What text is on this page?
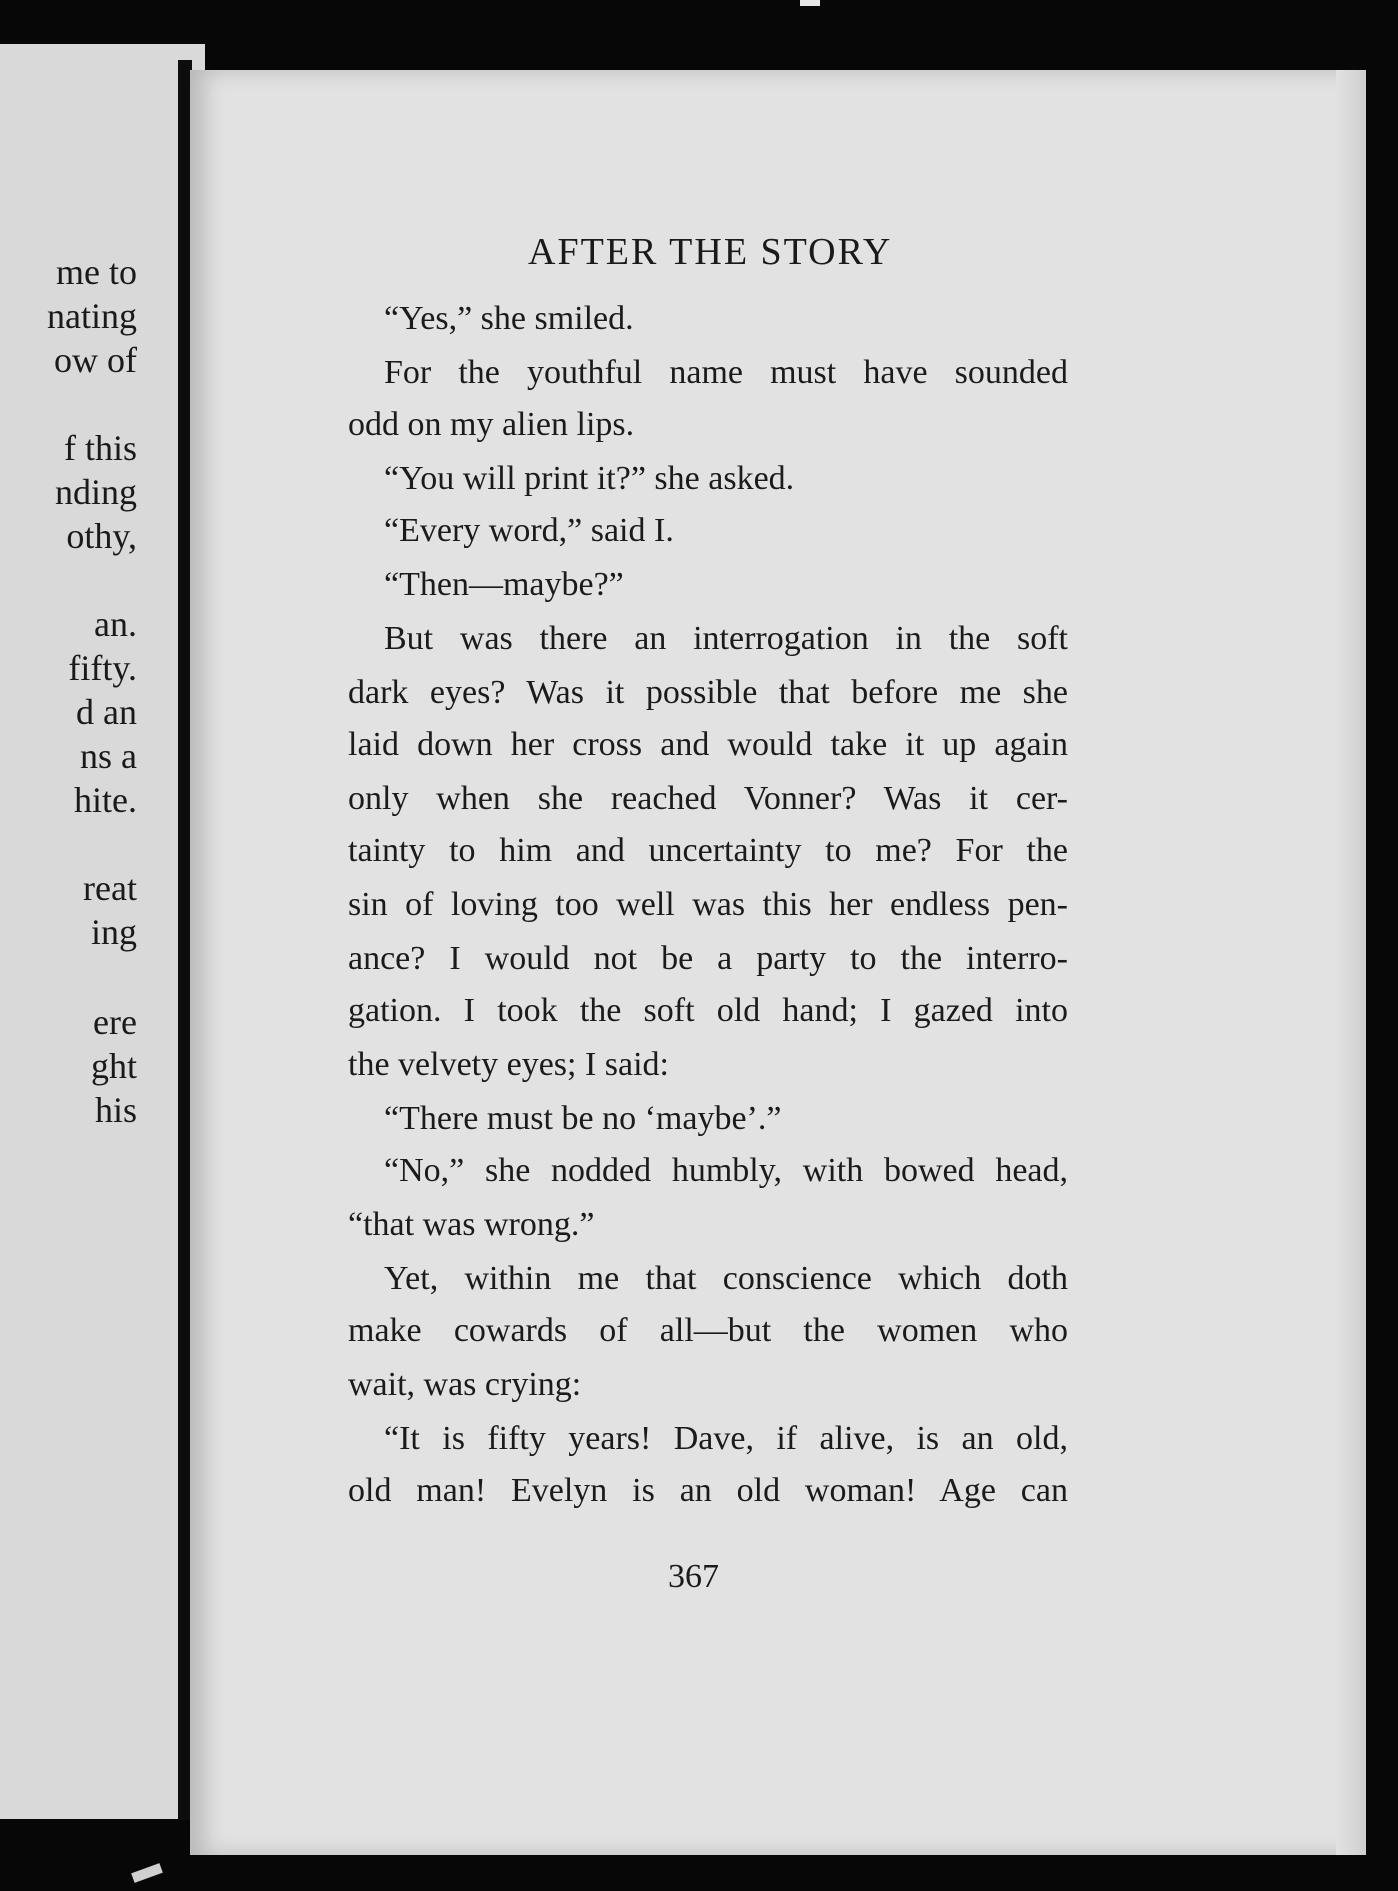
me to
nating
ow of
f this
nding
othy,
an.
fifty.
d an
ns a
hite.
reat
ing
ere
ght
his
AFTER THE STORY
“Yes,” she smiled.
For the youthful name must have sounded
odd on my alien lips.
“You will print it?” she asked.
“Every word,” said I.
“Then—maybe?”
But was there an interrogation in the soft
dark eyes? Was it possible that before me she
laid down her cross and would take it up again
only when she reached Vonner? Was it cer-
tainty to him and uncertainty to me? For the
sin of loving too well was this her endless pen-
ance? I would not be a party to the interro-
gation. I took the soft old hand; I gazed into
the velvety eyes; I said:
“There must be no ‘maybe’.”
“No,” she nodded humbly, with bowed head,
“that was wrong.”
Yet, within me that conscience which doth
make cowards of all—but the women who
wait, was crying:
“It is fifty years! Dave, if alive, is an old,
old man! Evelyn is an old woman! Age can
367
